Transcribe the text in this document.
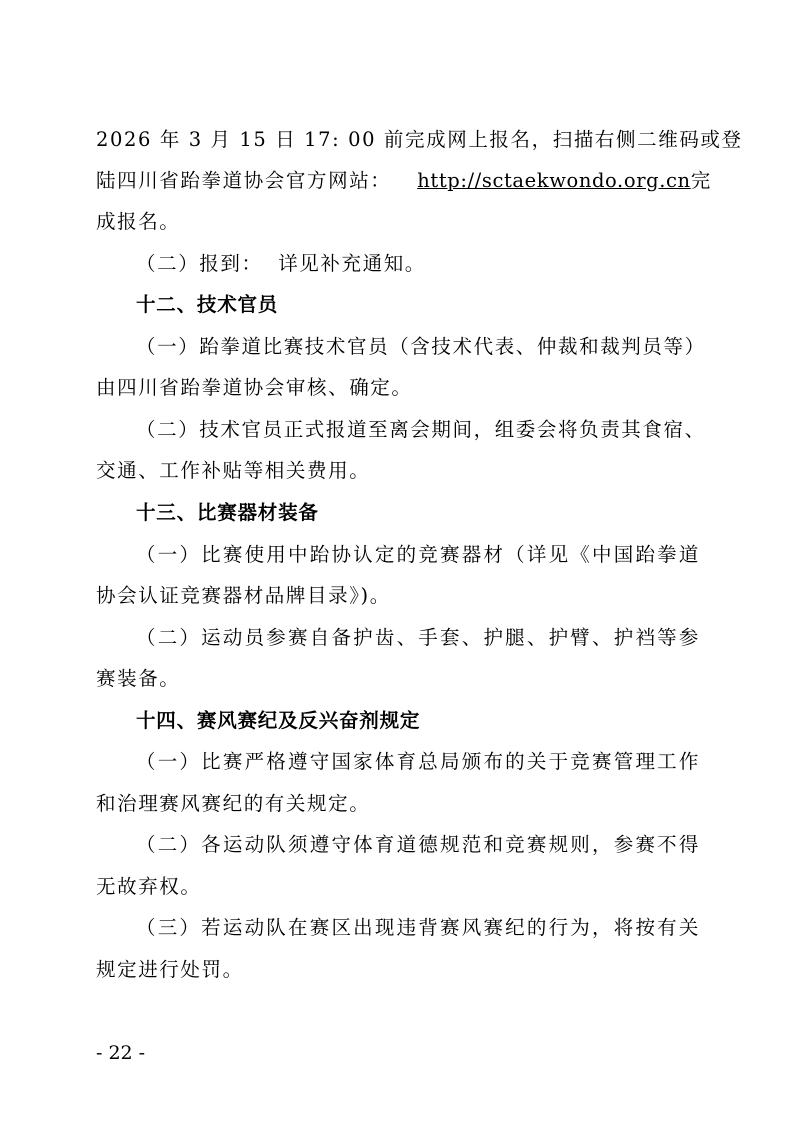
2026 年 3 月 15 日 17: 00 前完成网上报名，扫描右侧二维码或登
陆四川省跆拳道协会官方网站： http://sctaekwondo.org.cn完
成报名。
（二）报到：  详见补充通知。
十二、技术官员
（一）跆拳道比赛技术官员（含技术代表、仲裁和裁判员等）
由四川省跆拳道协会审核、确定。
（二）技术官员正式报道至离会期间，组委会将负责其食宿、
交通、工作补贴等相关费用。
十三、比赛器材装备
（一）比赛使用中跆协认定的竞赛器材（详见《中国跆拳道
协会认证竞赛器材品牌目录》)。
（二）运动员参赛自备护齿、手套、护腿、护臂、护裆等参
赛装备。
十四、赛风赛纪及反兴奋剂规定
（一）比赛严格遵守国家体育总局颁布的关于竞赛管理工作
和治理赛风赛纪的有关规定。
（二）各运动队须遵守体育道德规范和竞赛规则，参赛不得
无故弃权。
（三）若运动队在赛区出现违背赛风赛纪的行为，将按有关
规定进行处罚。
- 22 -
